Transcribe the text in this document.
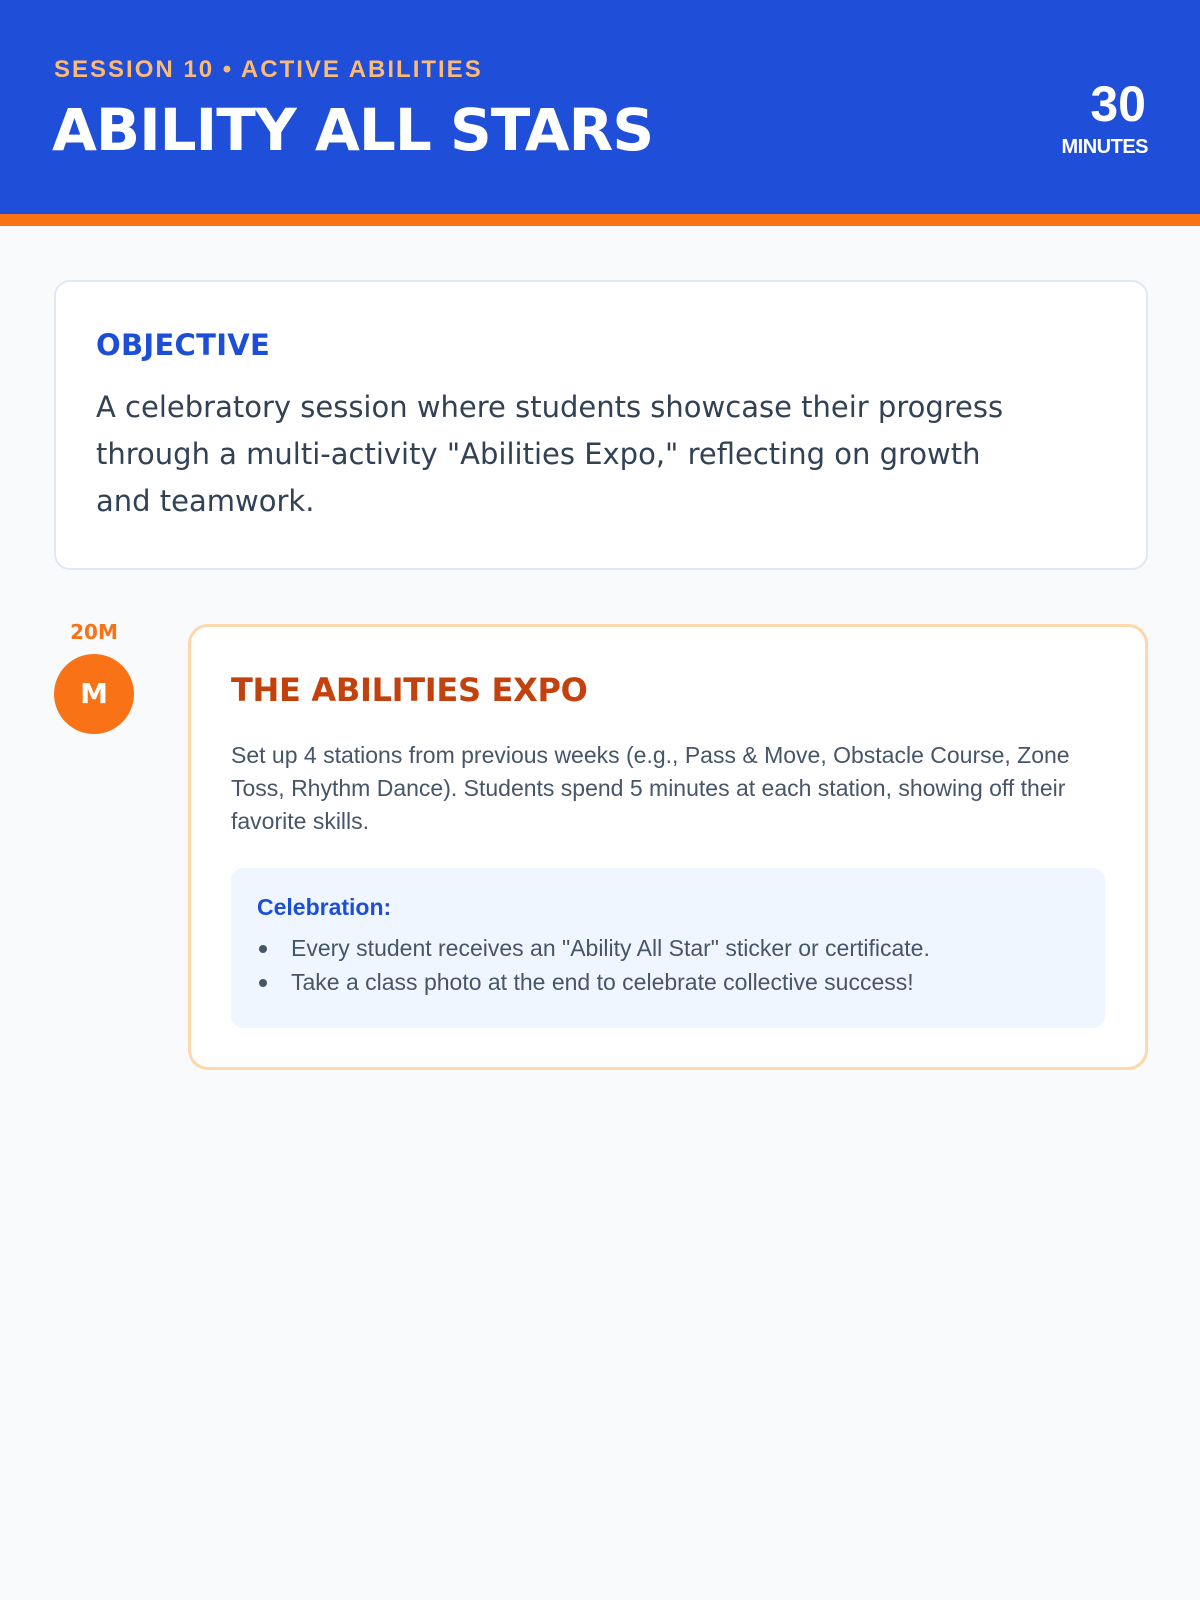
SESSION 10 • ACTIVE ABILITIES
ABILITY ALL STARS	30
MINUTES
OBJECTIVE
A celebratory session where students showcase their progress through a multi-activity "Abilities Expo," reflecting on growth and teamwork.
20M
M	THE ABILITIES EXPO
Set up 4 stations from previous weeks (e.g., Pass & Move, Obstacle Course, Zone Toss, Rhythm Dance). Students spend 5 minutes at each station, showing off their favorite skills.
Celebration:
Every student receives an "Ability All Star" sticker or certificate.
Take a class photo at the end to celebrate collective success!
